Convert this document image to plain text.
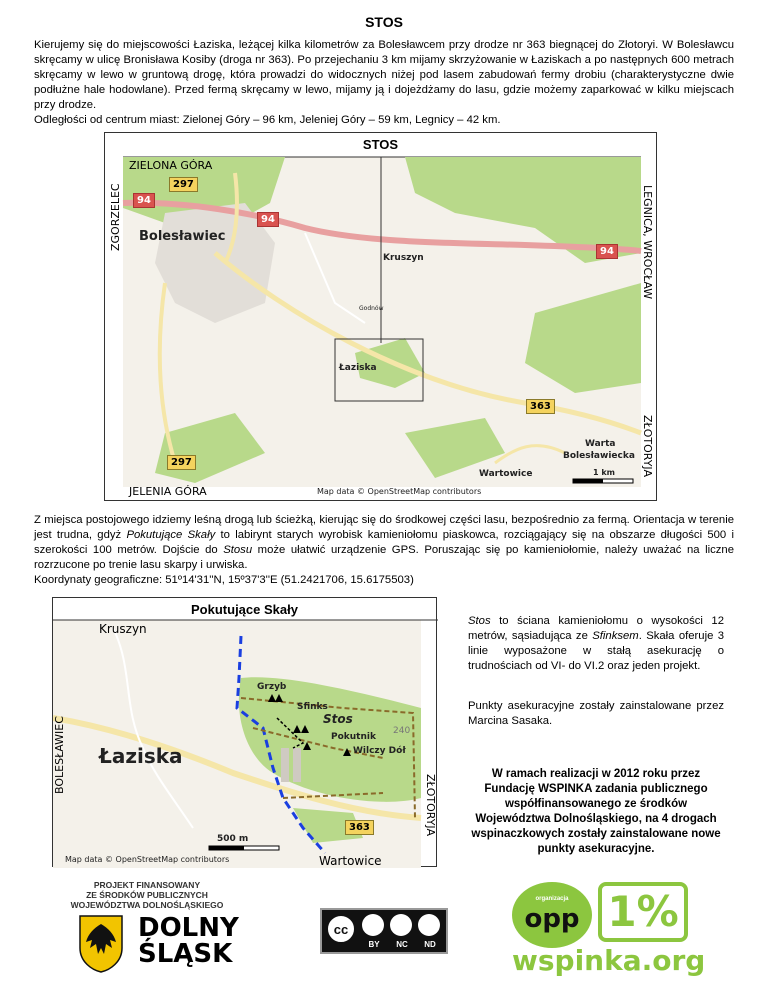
STOS

Kierujemy się do miejscowości Łaziska, leżącej kilka kilometrów za Bolesławcem przy drodze nr 363 biegnącej do Złotoryi. W Bolesławcu skręcamy w ulicę Bronisława Kosiby (droga nr 363). Po przejechaniu 3 km mijamy skrzyżowanie w Łaziskach a po następnych 600 metrach skręcamy w lewo w gruntową drogę, która prowadzi do widocznych niżej pod lasem zabudowań fermy drobiu (charakterystyczne dwie podłużne hale hodowlane). Przed fermą skręcamy w lewo, mijamy ją i dojeżdżamy do lasu, gdzie możemy zaparkować w kilku miejscach przy drodze.

Odległości od centrum miast: Zielonej Góry – 96 km, Jeleniej Góry – 59 km, Legnicy – 42 km.

STOS
ZIELONA GÓRA
JELENIA GÓRA
ZGORZELEC	LEGNICA, WROCŁAW
ZŁOTORYJA
Map data © OpenStreetMap contributors
297
94
94
94
363
297
Bolesławiec
Kruszyn
Godnów
Łaziska
Warta
Bolesławiecka
Wartowice	1 km

Z miejsca postojowego idziemy leśną drogą lub ścieżką, kierując się do środkowej części lasu, bezpośrednio za fermą. Orientacja w terenie jest trudna, gdyż Pokutujące Skały to labirynt starych wyrobisk kamieniołomu piaskowca, rozciągający się na obszarze długości 500 i szerokości 100 metrów. Dojście do Stosu może ułatwić urządzenie GPS. Poruszając się po kamieniołomie, należy uważać na liczne rozrzucone po trenie lasu skarpy i urwiska.

Koordynaty geograficzne: 51º14'31''N, 15º37'3''E (51.2421706, 15.6175503)

Pokutujące Skały
Kruszyn
BOLESŁAWIEC
ZŁOTORYJA
Wartowice
Map data © OpenStreetMap contributors
Grzyb
Sfinks
Stos
Pokutnik
Wilczy Dół
Łaziska
240
363
500 m
Stos to ściana kamieniołomu o wysokości 12 metrów, sąsiadująca ze Sfinksem. Skała oferuje 3 linie wyposażone w stałą asekurację o trudnościach od VI- do VI.2 oraz jeden projekt.
Punkty asekuracyjne zostały zainstalowane przez Marcina Sasaka.
W ramach realizacji w 2012 roku przez Fundację WSPINKA zadania publicznego współfinansowanego ze środków Województwa Dolnośląskiego, na 4 drogach wspinaczkowych zostały zainstalowane nowe punkty asekuracyjne.
PROJEKT FINANSOWANY
ZE ŚRODKÓW PUBLICZNYCH
WOJEWÓDZTWA DOLNOŚLĄSKIEGO
DOLNY
ŚLĄSK
cc
BY	NC	ND
organizacja
opp 1%
wspinka.org
